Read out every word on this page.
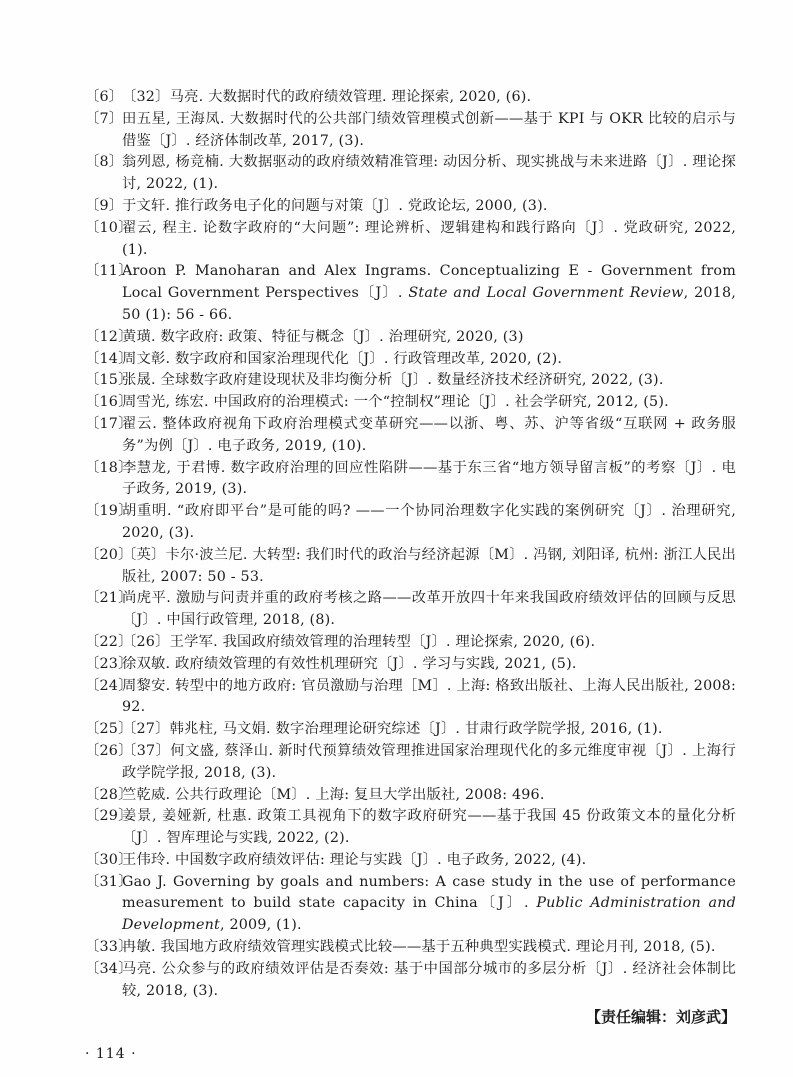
〔6〕
〔32〕马亮. 大数据时代的政府绩效管理. 理论探索, 2020, (6).
〔7〕
田五星, 王海凤. 大数据时代的公共部门绩效管理模式创新——基于 KPI 与 OKR 比较的启示与借鉴〔J〕. 经济体制改革, 2017, (3).
〔8〕
翁列恩, 杨竞楠. 大数据驱动的政府绩效精准管理: 动因分析、现实挑战与未来进路〔J〕. 理论探讨, 2022, (1).
〔9〕
于文轩. 推行政务电子化的问题与对策〔J〕. 党政论坛, 2000, (3).
〔10〕
翟云, 程主. 论数字政府的“大问题”: 理论辨析、逻辑建构和践行路向〔J〕. 党政研究, 2022, (1).
〔11〕
Aroon P. Manoharan and Alex Ingrams. Conceptualizing E - Government from Local Government Perspectives〔J〕. State and Local Government Review, 2018, 50 (1): 56 - 66.
〔12〕
黄璜. 数字政府: 政策、特征与概念〔J〕. 治理研究, 2020, (3)
〔14〕
周文彰. 数字政府和国家治理现代化〔J〕. 行政管理改革, 2020, (2).
〔15〕
张晟. 全球数字政府建设现状及非均衡分析〔J〕. 数量经济技术经济研究, 2022, (3).
〔16〕
周雪光, 练宏. 中国政府的治理模式: 一个“控制权”理论〔J〕. 社会学研究, 2012, (5).
〔17〕
翟云. 整体政府视角下政府治理模式变革研究——以浙、粤、苏、沪等省级“互联网 + 政务服务”为例〔J〕. 电子政务, 2019, (10).
〔18〕
李慧龙, 于君博. 数字政府治理的回应性陷阱——基于东三省“地方领导留言板”的考察〔J〕. 电子政务, 2019, (3).
〔19〕
胡重明. “政府即平台”是可能的吗? ——一个协同治理数字化实践的案例研究〔J〕. 治理研究, 2020, (3).
〔20〕
〔英〕卡尔·波兰尼. 大转型: 我们时代的政治与经济起源〔M〕. 冯钢, 刘阳译, 杭州: 浙江人民出版社, 2007: 50 - 53.
〔21〕
尚虎平. 激励与问责并重的政府考核之路——改革开放四十年来我国政府绩效评估的回顾与反思〔J〕. 中国行政管理, 2018, (8).
〔22〕
〔26〕王学军. 我国政府绩效管理的治理转型〔J〕. 理论探索, 2020, (6).
〔23〕
徐双敏. 政府绩效管理的有效性机理研究〔J〕. 学习与实践, 2021, (5).
〔24〕
周黎安. 转型中的地方政府: 官员激励与治理［M］. 上海: 格致出版社、上海人民出版社, 2008: 92.
〔25〕
〔27〕韩兆柱, 马文娟. 数字治理理论研究综述〔J〕. 甘肃行政学院学报, 2016, (1).
〔26〕
〔37〕何文盛, 蔡泽山. 新时代预算绩效管理推进国家治理现代化的多元维度审视〔J〕. 上海行政学院学报, 2018, (3).
〔28〕
竺乾威. 公共行政理论〔M〕. 上海: 复旦大学出版社, 2008: 496.
〔29〕
姜景, 姜娅新, 杜惠. 政策工具视角下的数字政府研究——基于我国 45 份政策文本的量化分析〔J〕. 智库理论与实践, 2022, (2).
〔30〕
王伟玲. 中国数字政府绩效评估: 理论与实践〔J〕. 电子政务, 2022, (4).
〔31〕
Gao J. Governing by goals and numbers: A case study in the use of performance measurement to build state capacity in China〔J〕. Public Administration and Development, 2009, (1).
〔33〕
冉敏. 我国地方政府绩效管理实践模式比较——基于五种典型实践模式. 理论月刊, 2018, (5).
〔34〕
马亮. 公众参与的政府绩效评估是否奏效: 基于中国部分城市的多层分析〔J〕. 经济社会体制比较, 2018, (3).
【责任编辑：刘彦武】
· 114 ·
